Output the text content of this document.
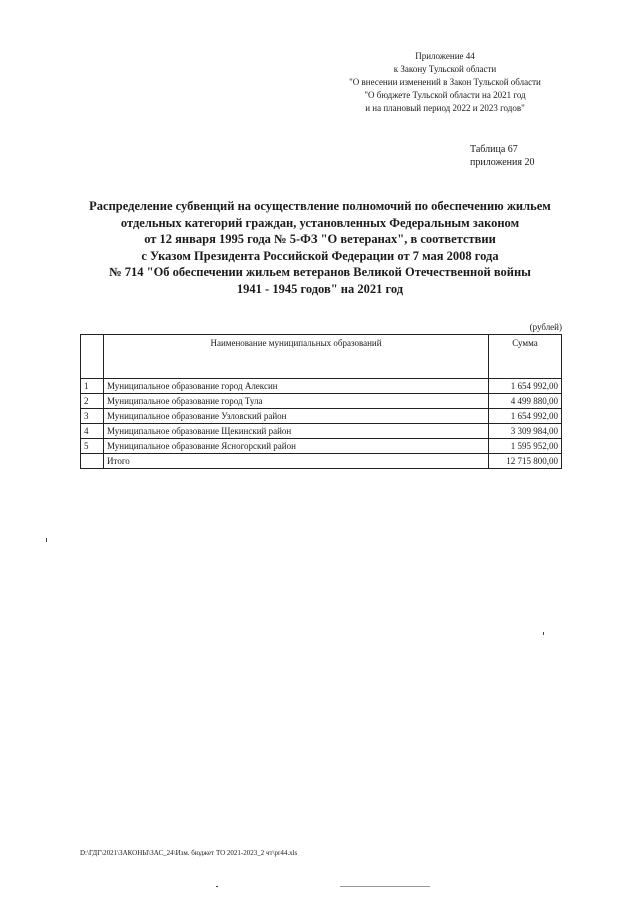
Приложение 44
к Закону Тульской области
"О внесении изменений в Закон Тульской области
"О бюджете Тульской области на 2021 год
и на плановый период 2022 и 2023 годов"
Таблица 67
приложения 20
Распределение субвенций на осуществление полномочий по обеспечению жильем
отдельных категорий граждан, установленных Федеральным законом
от 12 января 1995 года № 5-ФЗ "О ветеранах", в соответствии
с Указом Президента Российской Федерации от 7 мая 2008 года
№ 714 "Об обеспечении жильем ветеранов Великой Отечественной войны
1941 - 1945 годов" на 2021 год
(рублей)
	Наименование муниципальных образований	Сумма
1	Муниципальное образование город Алексин	1 654 992,00
2	Муниципальное образование город Тула	4 499 880,00
3	Муниципальное образование Узловский район	1 654 992,00
4	Муниципальное образование Щекинский район	3 309 984,00
5	Муниципальное образование Ясногорский район	1 595 952,00
	Итого	12 715 800,00
D:\ГДГ\2021\ЗАКОНЫ\ЗАС_24\Изм. бюджет ТО 2021-2023_2 чт\pr44.xls
